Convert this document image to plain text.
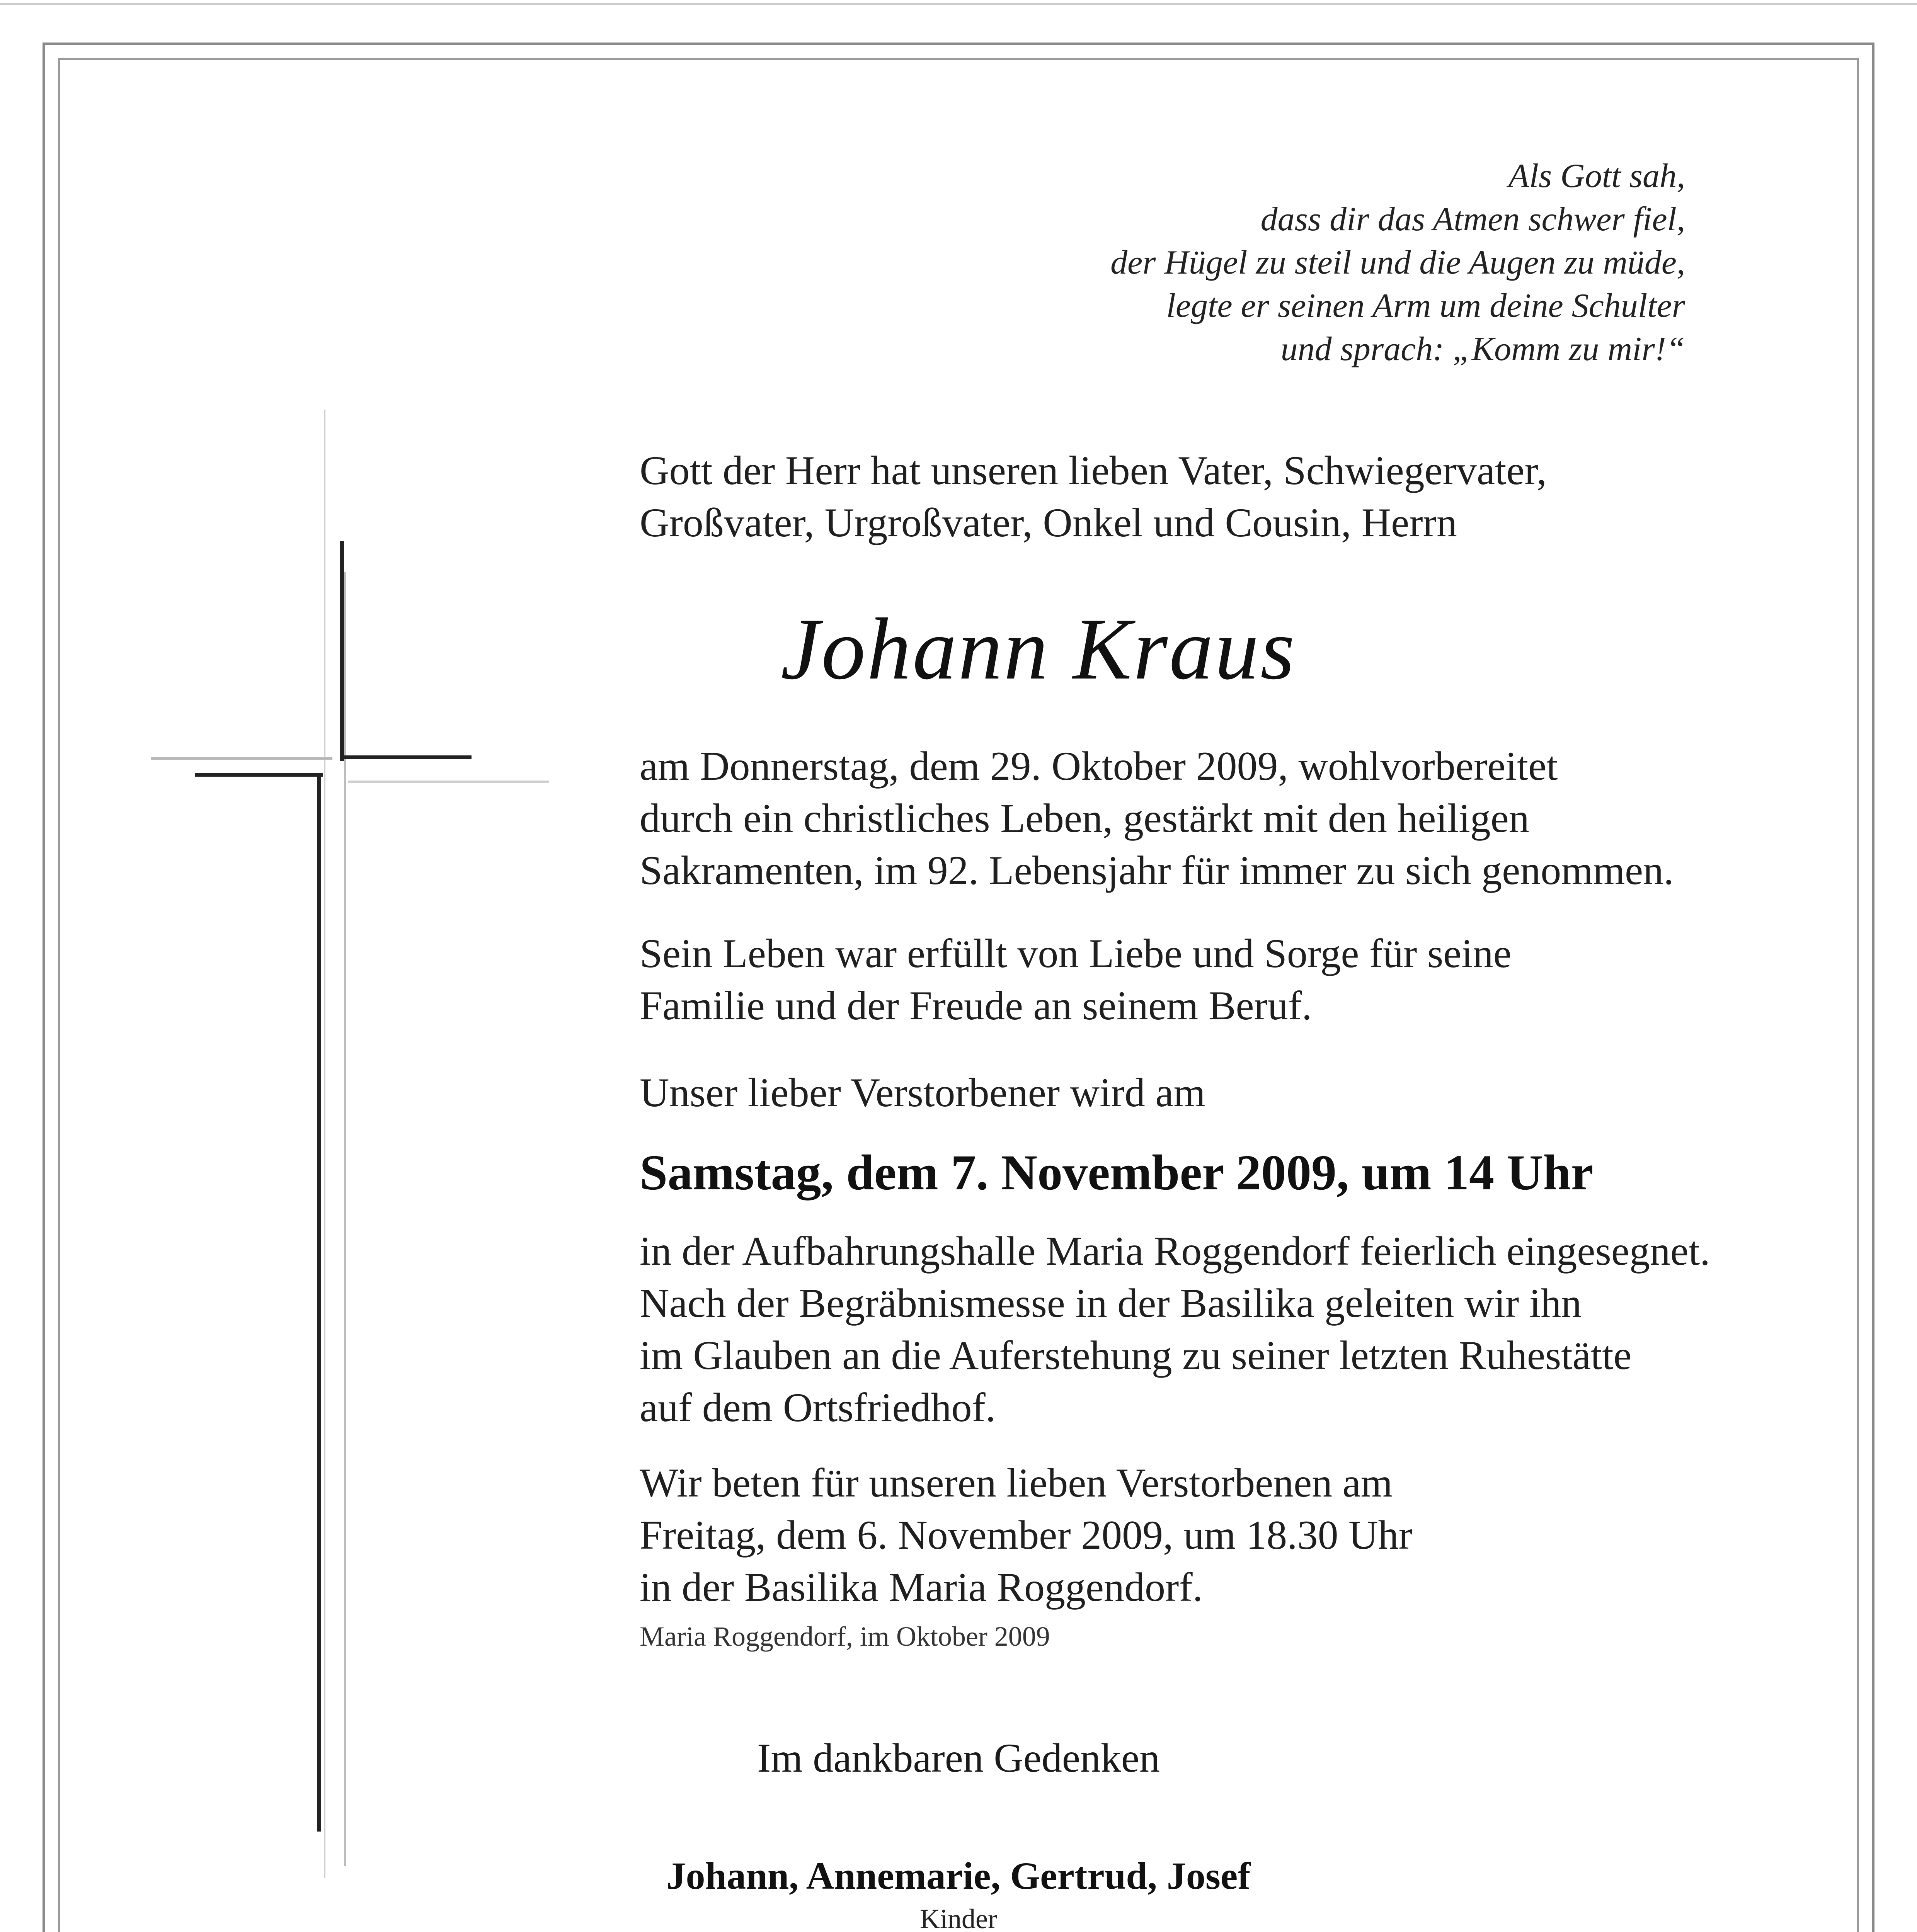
Als Gott sah,
dass dir das Atmen schwer fiel,
der Hügel zu steil und die Augen zu müde,
legte er seinen Arm um deine Schulter
und sprach: „Komm zu mir!“
Gott der Herr hat unseren lieben Vater, Schwiegervater,
Großvater, Urgroßvater, Onkel und Cousin, Herrn
Johann Kraus
am Donnerstag, dem 29. Oktober 2009, wohlvorbereitet
durch ein christliches Leben, gestärkt mit den heiligen
Sakramenten, im 92. Lebensjahr für immer zu sich genommen.
Sein Leben war erfüllt von Liebe und Sorge für seine
Familie und der Freude an seinem Beruf.
Unser lieber Verstorbener wird am
Samstag, dem 7. November 2009, um 14 Uhr
in der Aufbahrungshalle Maria Roggendorf feierlich eingesegnet.
Nach der Begräbnismesse in der Basilika geleiten wir ihn
im Glauben an die Auferstehung zu seiner letzten Ruhestätte
auf dem Ortsfriedhof.
Wir beten für unseren lieben Verstorbenen am
Freitag, dem 6. November 2009, um 18.30 Uhr
in der Basilika Maria Roggendorf.
Maria Roggendorf, im Oktober 2009
Im dankbaren Gedenken
Johann, Annemarie, Gertrud, Josef
Kinder
